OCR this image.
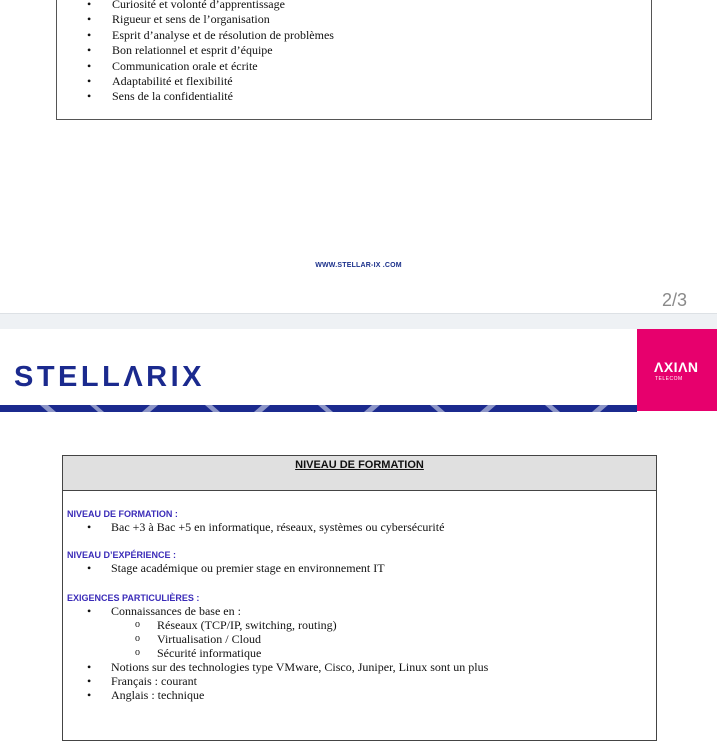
• Curiosité et volonté d’apprentissage
• Rigueur et sens de l’organisation
• Esprit d’analyse et de résolution de problèmes
• Bon relationnel et esprit d’équipe
• Communication orale et écrite
• Adaptabilité et flexibilité
• Sens de la confidentialité
WWW.STELLAR-IX .COM
2/3
STELLΛRIX	ΛXIΛN
TELECOM
NIVEAU DE FORMATION
NIVEAU DE FORMATION :
• Bac +3 à Bac +5 en informatique, réseaux, systèmes ou cybersécurité
NIVEAU D’EXPÉRIENCE :
• Stage académique ou premier stage en environnement IT
EXIGENCES PARTICULIÈRES :
• Connaissances de base en :
o Réseaux (TCP/IP, switching, routing)
o Virtualisation / Cloud
o Sécurité informatique
• Notions sur des technologies type VMware, Cisco, Juniper, Linux sont un plus
• Français : courant
• Anglais : technique
